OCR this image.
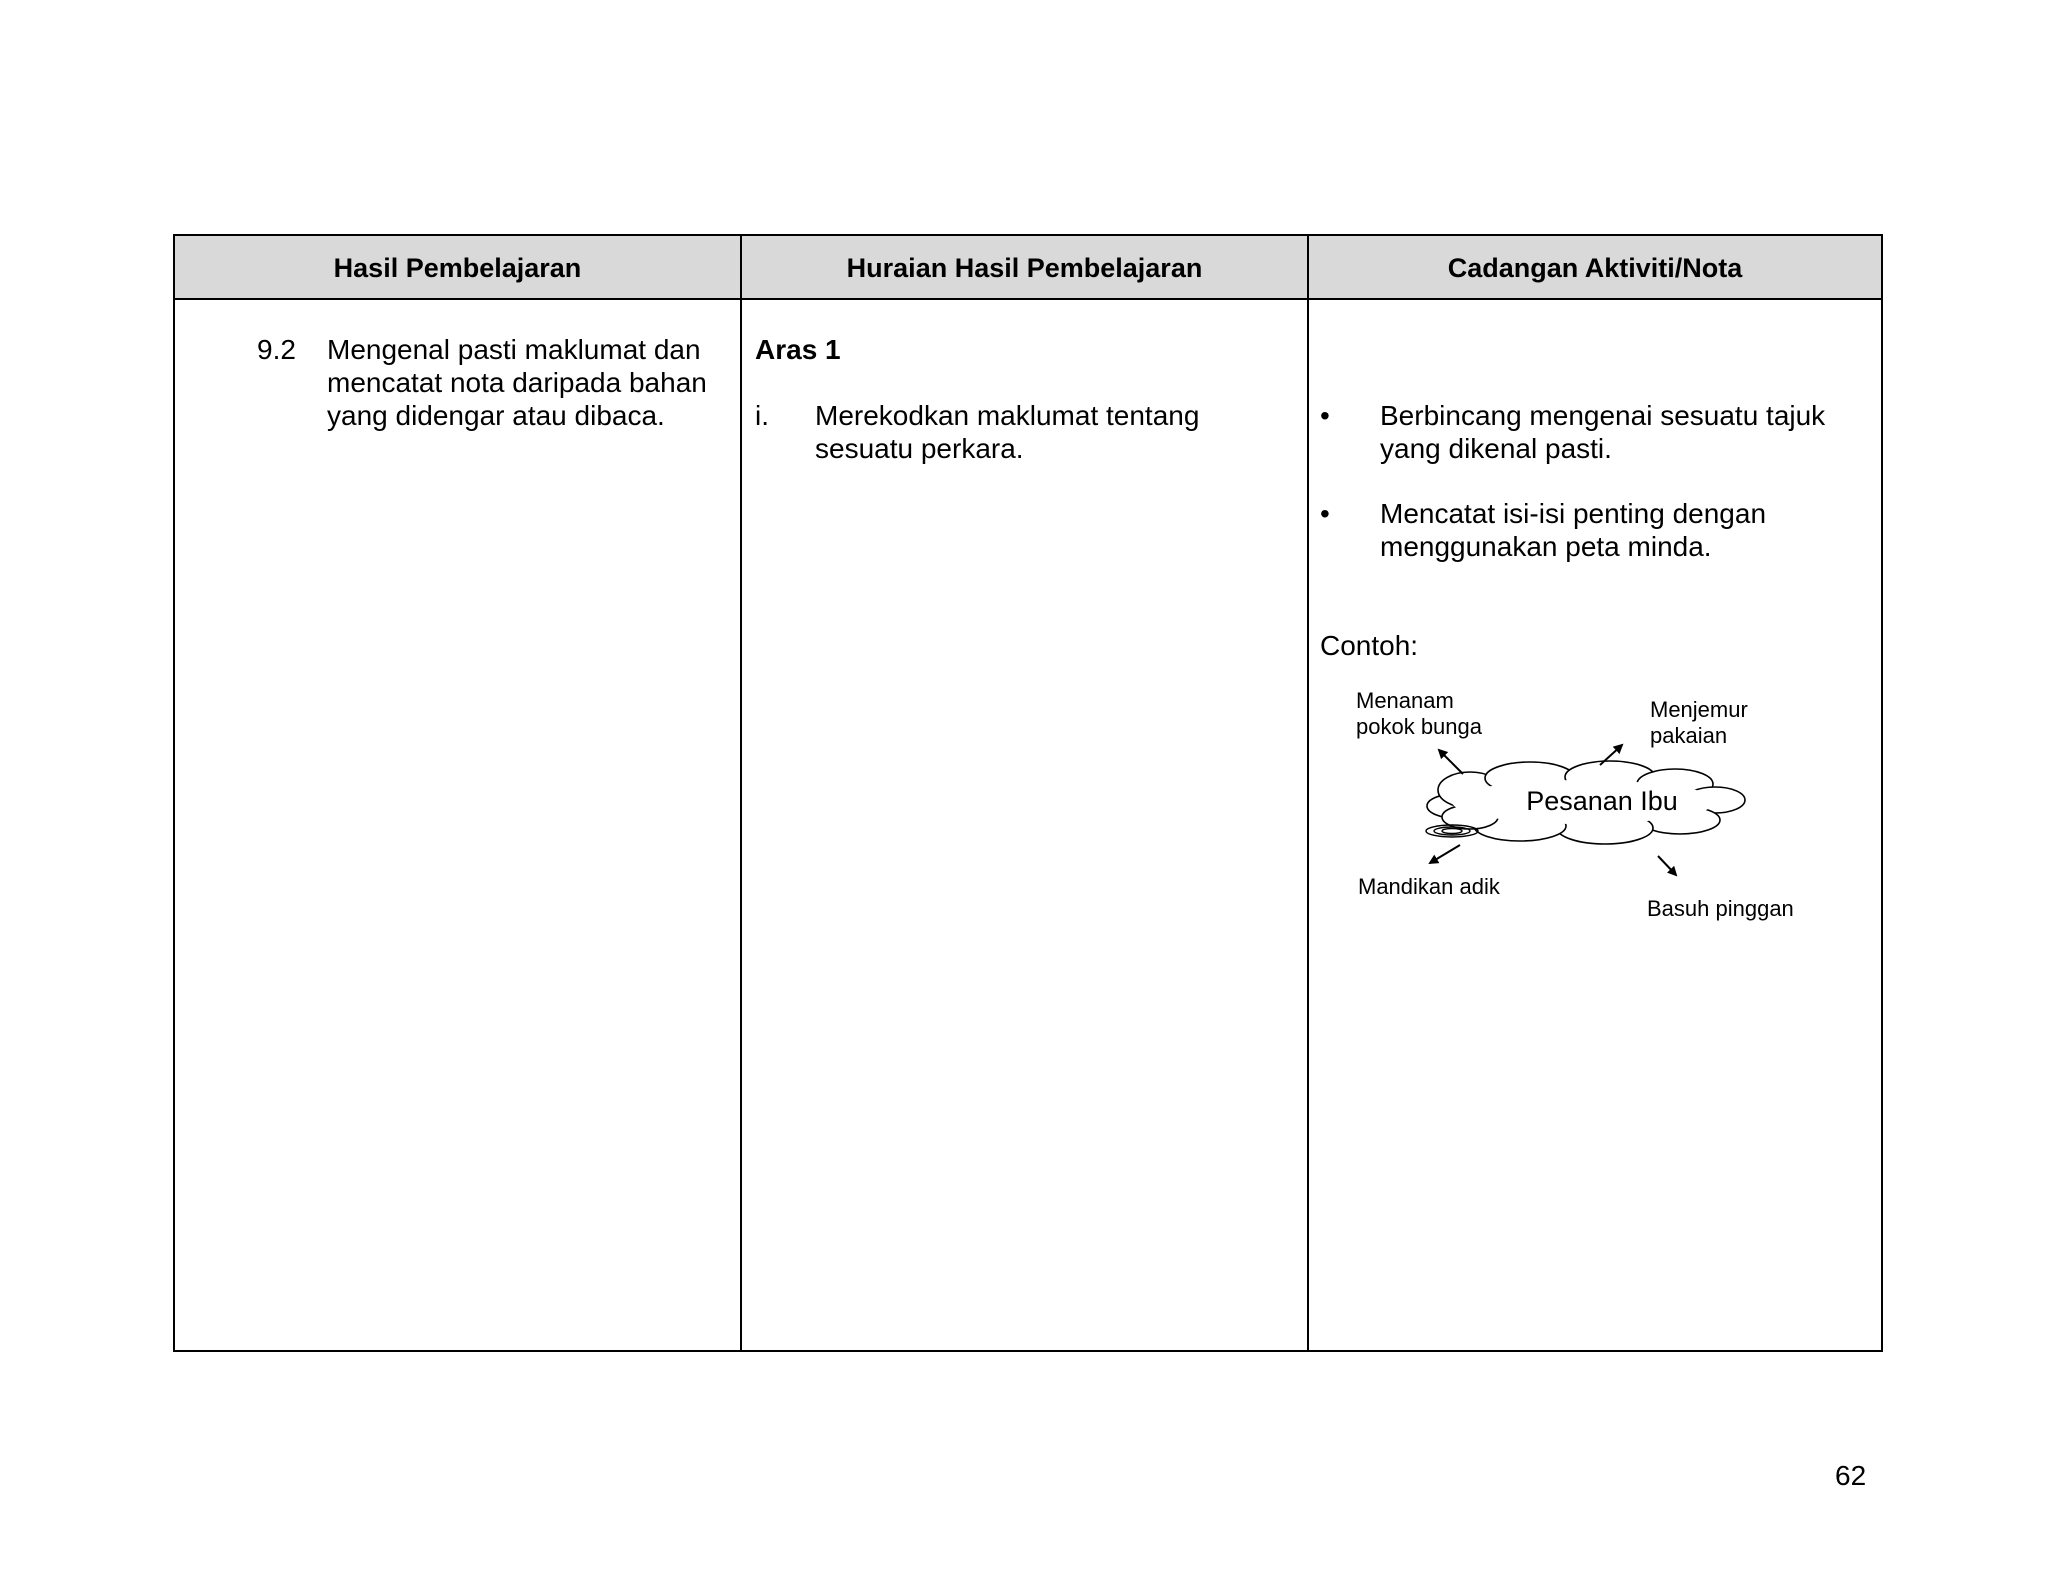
Hasil Pembelajaran	Huraian Hasil Pembelajaran	Cadangan Aktiviti/Nota
9.2 Mengenal pasti maklumat dan
mencatat nota daripada bahan
yang didengar atau dibaca.
Aras 1
i. Merekodkan maklumat tentang
sesuatu perkara.
• Berbincang mengenai sesuatu tajuk
yang dikenal pasti.
• Mencatat isi-isi penting dengan
menggunakan peta minda.
Contoh:
Pesanan Ibu
Menanam
pokok bunga
Menjemur
pakaian
Mandikan adik
Basuh pinggan
62
